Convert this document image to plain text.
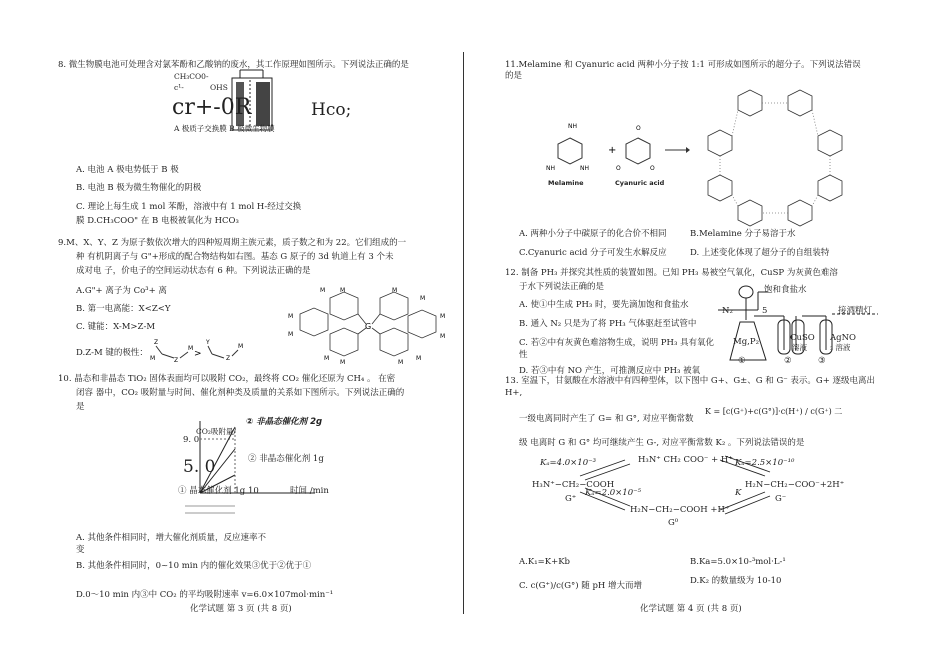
8. 微生物膜电池可处理含对氯苯酚和乙酸钠的废水，其工作原理如图所示。下列说法正确的是
CH₃CO0-
c¹-	OHS
cr+-0R	Hco;
A 极质子交换膜 B 极微生物膜
A. 电池 A 极电势低于 B 极
B. 电池 B 极为微生物催化的阴极
C. 理论上每生成 1 mol 苯酚，溶液中有 1 mol H-经过交换
膜 D.CH₃COO" 在 B 电极被氧化为 HCO₃
9.M、X、Y、Z 为原子数依次增大的四种短周期主族元素，质子数之和为 22。它们组成的一
种 有机阴离子与 G"+形成的配合物结构如右图。基态 G 原子的 3d 轨道上有 3 个未
成对电 子，价电子的空间运动状态有 6 种。下列说法正确的是
A.G"+ 离子为 Co³+ 离
B. 第一电离能：X<Z<Y
C. 键能：X-M>Z-M
D.Z-M 键的极性：
Z
M	Z
M
>
Y
Z
M
G
M
M
M M	M
M
M
M
M	M
M
M
10. 晶态和非晶态 TiO₂ 固体表面均可以吸附 CO₂，最终将 CO₂ 催化还原为 CH₄ 。 在密
闭容 器中，CO₂ 吸附量与时间、催化剂种类及质量的关系如下图所示。下列说法正确的
是
② 非晶态催化剂 2g
CO₂吸附量/
9. 0
5. 0	② 非晶态催化剂 1g
① 晶态催化剂 1g 10	时间 /min
A. 其他条件相同时，增大催化剂质量，反应速率不
变
B. 其他条件相同时，0~10 min 内的催化效果③优于②优于①
D.0～10 min 内③中 CO₂ 的平均吸附速率 v=6.0×107mol·min⁻¹
化学试题 第 3 页 (共 8 页)
11.Melamine 和 Cyanuric acid 两种小分子按 1:1 可形成如图所示的超分子。下列说法错误
的是
NH
NH	NH
+
O
O	O
Melamine	Cyanuric acid
A. 两种小分子中碳原子的化合价不相同	B.Melamine 分子易溶于水
C.Cyanuric acid 分子可发生水解反应	D. 上述变化体现了超分子的自组装特
12. 制备 PH₃ 并探究其性质的装置如图。已知 PH₃ 易被空气氧化，CuSP 为灰黄色难溶
于水下列说法正确的是
A. 使①中生成 PH₃ 时，要先滴加饱和食盐水
B. 通入 N₂ 只是为了将 PH₃ 气体驱赶至试管中
C. 若②中有灰黄色难溶物生成，说明 PH₃ 具有氧化
性
D. 若③中有 NO 产生，可推测反应中 PH₃ 被氧
饱和食盐水
N₂	5	接酒精灯
Mg,P₂	CuSO
溶液
AgNO
₃ 溶液
①	②	③
13. 室温下，甘氨酸在水溶液中有四种型体，以下图中 G+、G±、G 和 G⁻ 表示。G+ 逐级电离出
H+,
一级电离同时产生了 G= 和 G°, 对应平衡常数
K = [c(G⁺)+c(G°)]·c(H⁺) / c(G⁺) 二
级 电离时 G 和 G° 均可继续产生 G-, 对应平衡常数 K₂ 。下列说法错误的是
Kₐ=4.0×10⁻³	H₃N⁺ CH₂ COO⁻ + H⁺ Kₐ=2.5×10⁻¹⁰
H₃N⁺−CH₂−COOH
G⁺
Kₐ=2.0×10⁻⁵	K
H₂N−CH₂−COO⁻+2H⁺
G⁻
H₂N−CH₂−COOH +H⁺
G⁰
A.K₁=K+Kb	B.Ka=5.0×10-³mol·L-¹
C. c(G⁺)/c(G°) 随 pH 增大而增	D.K₂ 的数量级为 10-10
化学试题 第 4 页 (共 8 页)
